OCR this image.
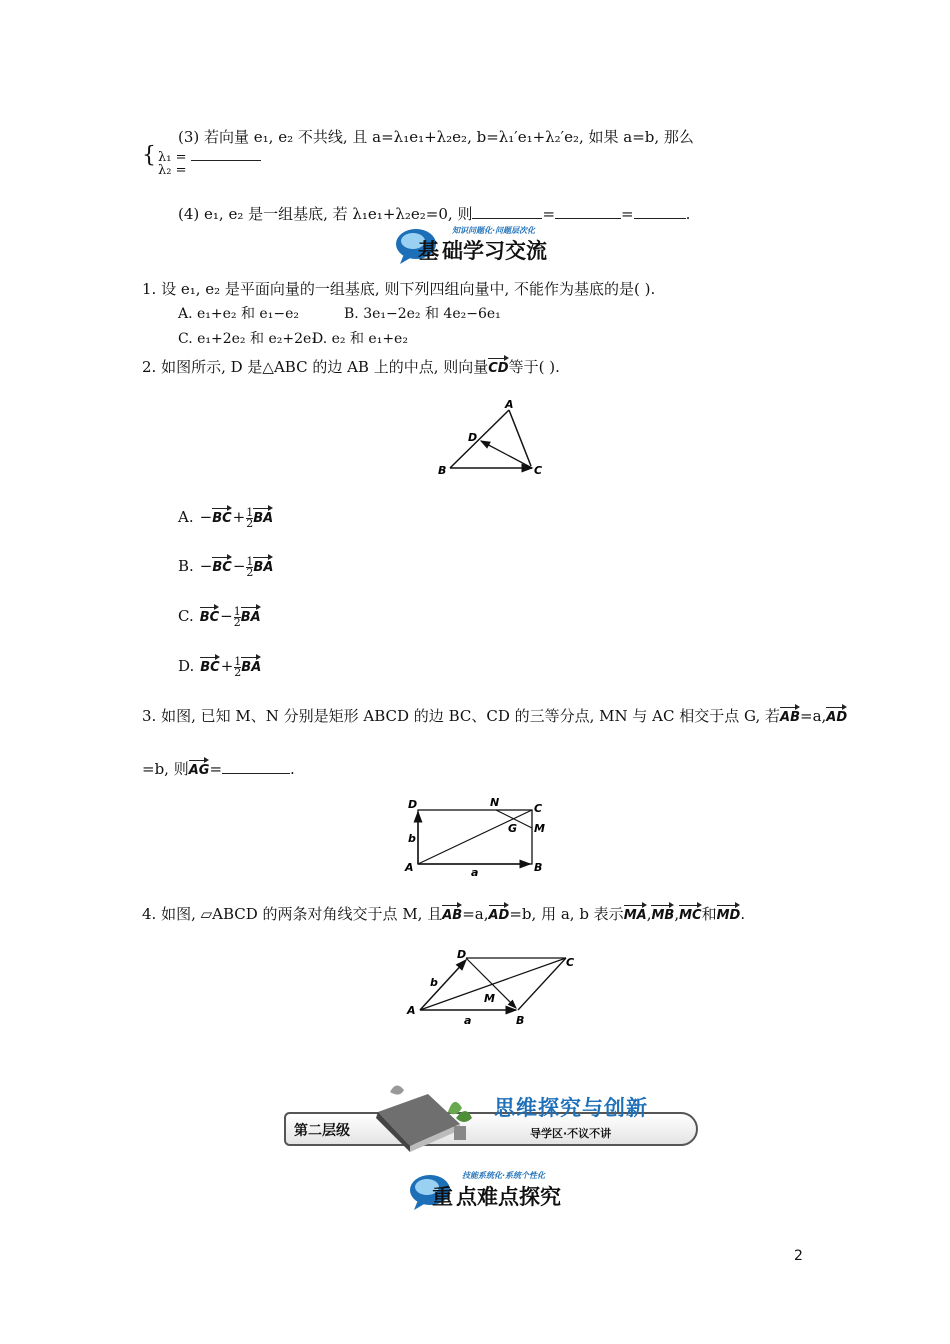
(3) 若向量 e₁, e₂ 不共线, 且 a=λ₁e₁+λ₂e₂, b=λ₁′e₁+λ₂′e₂, 如果 a=b, 那么
{ λ₁ =
λ₂ =
(4) e₁, e₂ 是一组基底, 若 λ₁e₁+λ₂e₂=0, 则	=	=	.
基 础学习交流
知识问题化·问题层次化
1. 设 e₁, e₂ 是平面向量的一组基底, 则下列四组向量中, 不能作为基底的是( ).
A. e₁+e₂ 和 e₁−e₂	B. 3e₁−2e₂ 和 4e₂−6e₁
C. e₁+2e₂ 和 e₂+2e₁
D. e₂ 和 e₁+e₂
2. 如图所示, D 是△ABC 的边 AB 上的中点, 则向量CD等于( ).
A
B	C
D
A. $-BC+ \frac{1}{2}$ BA
B. $-BC- \frac{1}{2}$ BA
C. $BC- \frac{1}{2}$ BA
D. $BC+ \frac{1}{2}$ BA
3. 如图, 已知 M、N 分别是矩形 ABCD 的边 BC、CD 的三等分点, MN 与 AC 相交于点 G, 若AB=a,AD
=b, 则AG=	.
D	N	C
G M
b
A	B
a
4. 如图, ▱ABCD 的两条对角线交于点 M, 且AB=a,AD=b, 用 a, b 表示MA,MB,MC和MD.
D
C
M
b
A
B
a
第二层级
思维探究与创新
导学区·不议不讲
重 点难点探究
技能系统化·系统个性化
2
